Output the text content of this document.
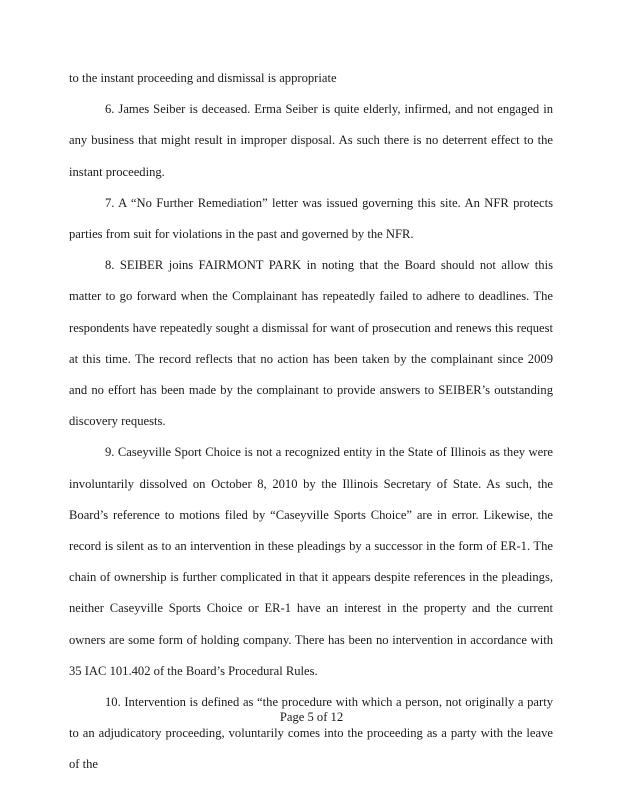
to the instant proceeding and dismissal is appropriate

6. James Seiber is deceased. Erma Seiber is quite elderly, infirmed, and not engaged in any business that might result in improper disposal. As such there is no deterrent effect to the instant proceeding.

7. A “No Further Remediation” letter was issued governing this site. An NFR protects parties from suit for violations in the past and governed by the NFR.

8. SEIBER joins FAIRMONT PARK in noting that the Board should not allow this matter to go forward when the Complainant has repeatedly failed to adhere to deadlines. The respondents have repeatedly sought a dismissal for want of prosecution and renews this request at this time. The record reflects that no action has been taken by the complainant since 2009 and no effort has been made by the complainant to provide answers to SEIBER’s outstanding discovery requests.

9. Caseyville Sport Choice is not a recognized entity in the State of Illinois as they were involuntarily dissolved on October 8, 2010 by the Illinois Secretary of State. As such, the Board’s reference to motions filed by “Caseyville Sports Choice” are in error. Likewise, the record is silent as to an intervention in these pleadings by a successor in the form of ER-1. The chain of ownership is further complicated in that it appears despite references in the pleadings, neither Caseyville Sports Choice or ER-1 have an interest in the property and the current owners are some form of holding company. There has been no intervention in accordance with 35 IAC 101.402 of the Board’s Procedural Rules.

10. Intervention is defined as “the procedure with which a person, not originally a party to an adjudicatory proceeding, voluntarily comes into the proceeding as a party with the leave of the

Page 5 of 12
